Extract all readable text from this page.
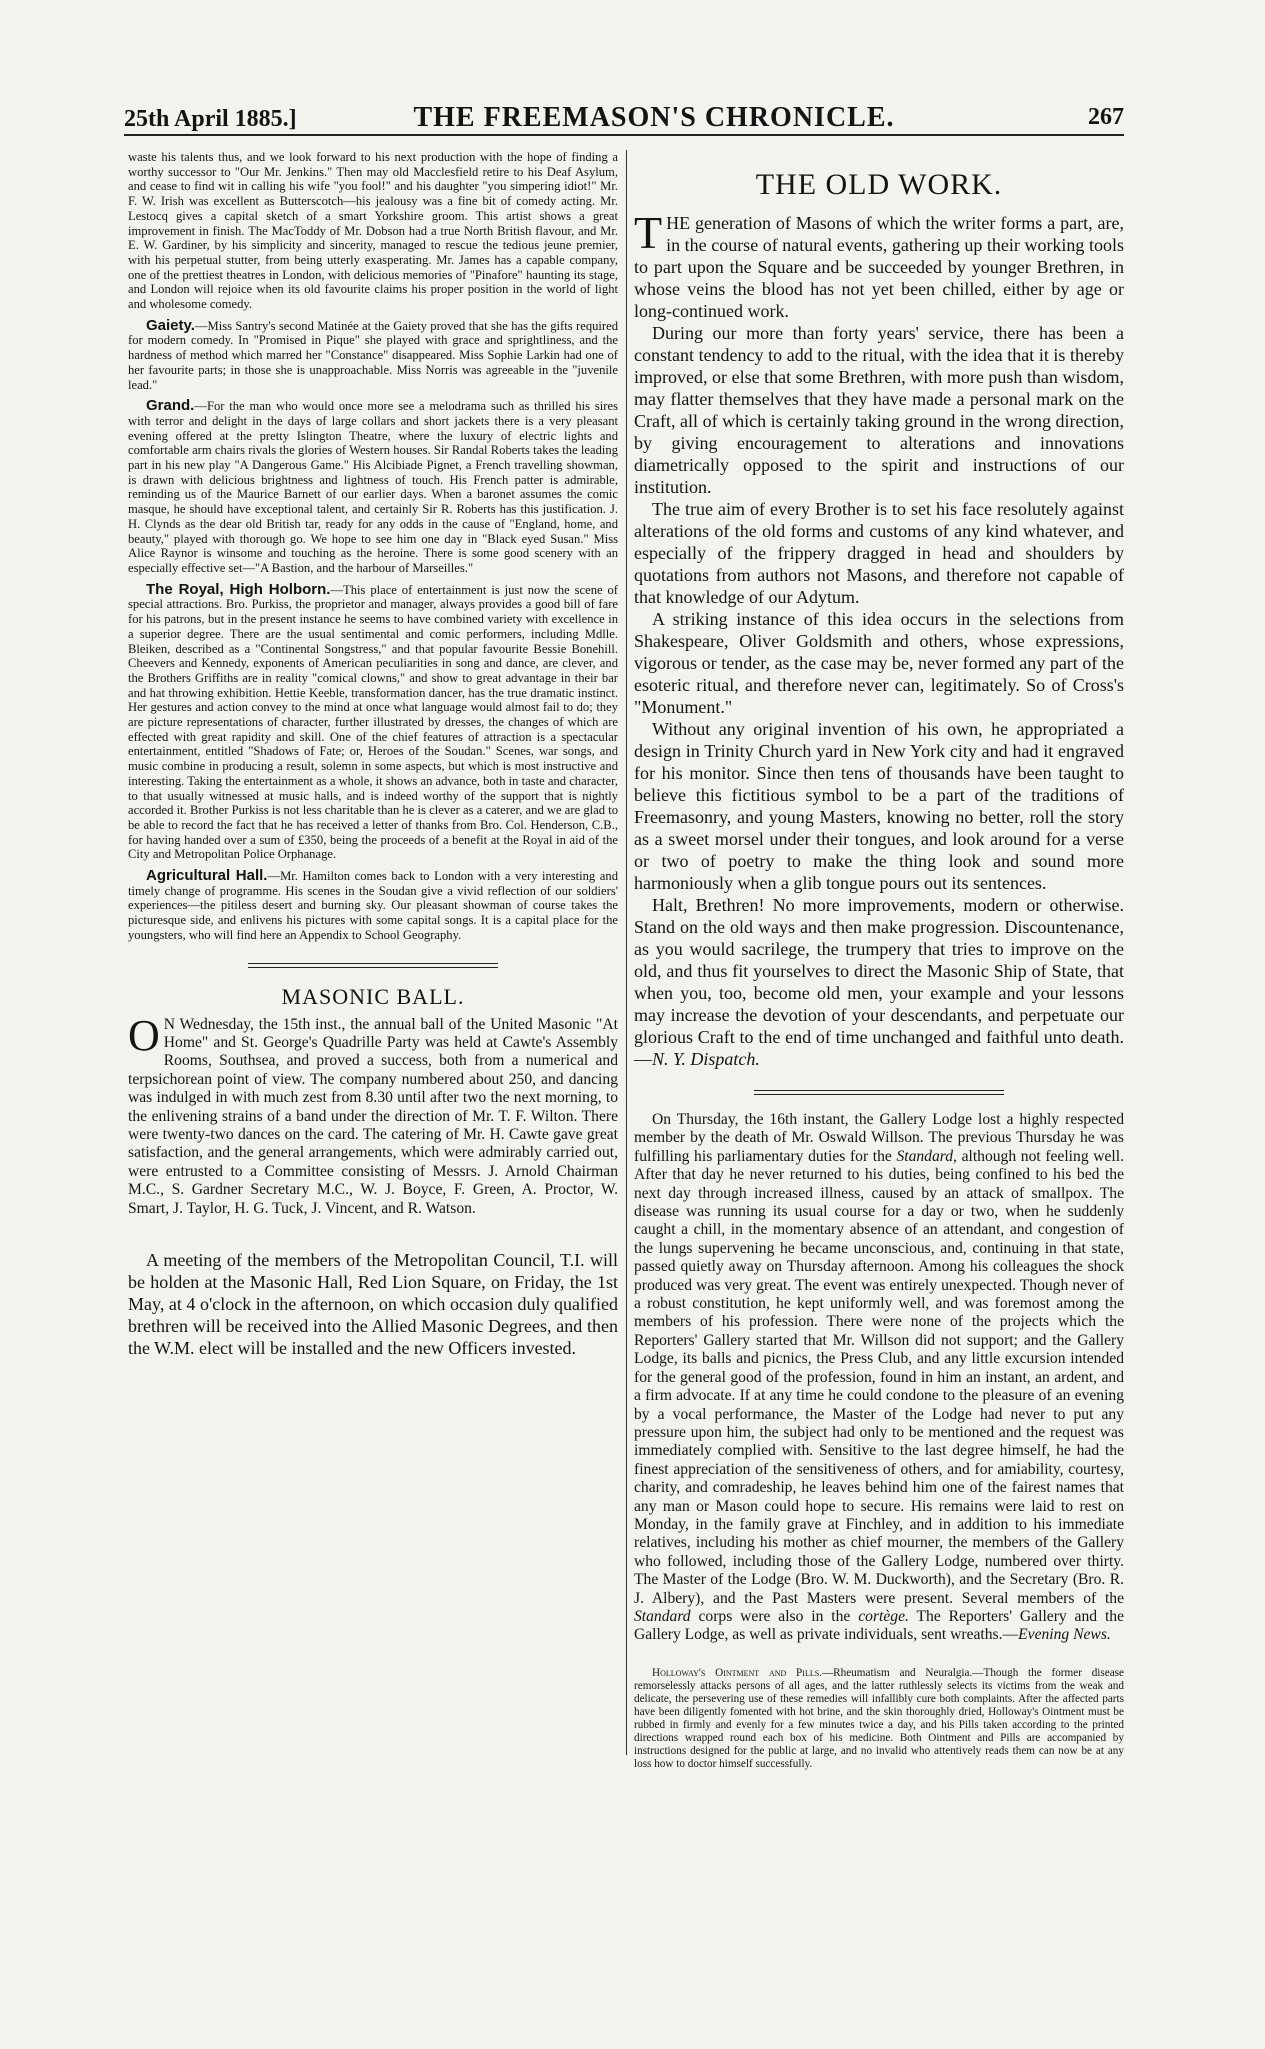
25th April 1885.]	THE FREEMASON'S CHRONICLE.	267

waste his talents thus, and we look forward to his next production with the hope of finding a worthy successor to "Our Mr. Jenkins." Then may old Macclesfield retire to his Deaf Asylum, and cease to find wit in calling his wife "you fool!" and his daughter "you simpering idiot!" Mr. F. W. Irish was excellent as Butterscotch—his jealousy was a fine bit of comedy acting. Mr. Lestocq gives a capital sketch of a smart Yorkshire groom. This artist shows a great improvement in finish. The MacToddy of Mr. Dobson had a true North British flavour, and Mr. E. W. Gardiner, by his simplicity and sincerity, managed to rescue the tedious jeune premier, with his perpetual stutter, from being utterly exasperating. Mr. James has a capable company, one of the prettiest theatres in London, with delicious memories of "Pinafore" haunting its stage, and London will rejoice when its old favourite claims his proper position in the world of light and wholesome comedy.

Gaiety.—Miss Santry's second Matinée at the Gaiety proved that she has the gifts required for modern comedy. In "Promised in Pique" she played with grace and sprightliness, and the hardness of method which marred her "Constance" disappeared. Miss Sophie Larkin had one of her favourite parts; in those she is unapproachable. Miss Norris was agreeable in the "juvenile lead."

Grand.—For the man who would once more see a melodrama such as thrilled his sires with terror and delight in the days of large collars and short jackets there is a very pleasant evening offered at the pretty Islington Theatre, where the luxury of electric lights and comfortable arm chairs rivals the glories of Western houses. Sir Randal Roberts takes the leading part in his new play "A Dangerous Game." His Alcibiade Pignet, a French travelling showman, is drawn with delicious brightness and lightness of touch. His French patter is admirable, reminding us of the Maurice Barnett of our earlier days. When a baronet assumes the comic masque, he should have exceptional talent, and certainly Sir R. Roberts has this justification. J. H. Clynds as the dear old British tar, ready for any odds in the cause of "England, home, and beauty," played with thorough go. We hope to see him one day in "Black eyed Susan." Miss Alice Raynor is winsome and touching as the heroine. There is some good scenery with an especially effective set—"A Bastion, and the harbour of Marseilles."

The Royal, High Holborn.—This place of entertainment is just now the scene of special attractions. Bro. Purkiss, the proprietor and manager, always provides a good bill of fare for his patrons, but in the present instance he seems to have combined variety with excellence in a superior degree. There are the usual sentimental and comic performers, including Mdlle. Bleiken, described as a "Continental Songstress," and that popular favourite Bessie Bonehill. Cheevers and Kennedy, exponents of American peculiarities in song and dance, are clever, and the Brothers Griffiths are in reality "comical clowns," and show to great advantage in their bar and hat throwing exhibition. Hettie Keeble, transformation dancer, has the true dramatic instinct. Her gestures and action convey to the mind at once what language would almost fail to do; they are picture representations of character, further illustrated by dresses, the changes of which are effected with great rapidity and skill. One of the chief features of attraction is a spectacular entertainment, entitled "Shadows of Fate; or, Heroes of the Soudan." Scenes, war songs, and music combine in producing a result, solemn in some aspects, but which is most instructive and interesting. Taking the entertainment as a whole, it shows an advance, both in taste and character, to that usually witnessed at music halls, and is indeed worthy of the support that is nightly accorded it. Brother Purkiss is not less charitable than he is clever as a caterer, and we are glad to be able to record the fact that he has received a letter of thanks from Bro. Col. Henderson, C.B., for having handed over a sum of £350, being the proceeds of a benefit at the Royal in aid of the City and Metropolitan Police Orphanage.

Agricultural Hall.—Mr. Hamilton comes back to London with a very interesting and timely change of programme. His scenes in the Soudan give a vivid reflection of our soldiers' experiences—the pitiless desert and burning sky. Our pleasant showman of course takes the picturesque side, and enlivens his pictures with some capital songs. It is a capital place for the youngsters, who will find here an Appendix to School Geography.

MASONIC BALL.

O N Wednesday, the 15th inst., the annual ball of the United Masonic "At Home" and St. George's Quadrille Party was held at Cawte's Assembly Rooms, Southsea, and proved a success, both from a numerical and terpsichorean point of view. The company numbered about 250, and dancing was indulged in with much zest from 8.30 until after two the next morning, to the enlivening strains of a band under the direction of Mr. T. F. Wilton. There were twenty-two dances on the card. The catering of Mr. H. Cawte gave great satisfaction, and the general arrangements, which were admirably carried out, were entrusted to a Committee consisting of Messrs. J. Arnold Chairman M.C., S. Gardner Secretary M.C., W. J. Boyce, F. Green, A. Proctor, W. Smart, J. Taylor, H. G. Tuck, J. Vincent, and R. Watson.

A meeting of the members of the Metropolitan Council, T.I. will be holden at the Masonic Hall, Red Lion Square, on Friday, the 1st May, at 4 o'clock in the afternoon, on which occasion duly qualified brethren will be received into the Allied Masonic Degrees, and then the W.M. elect will be installed and the new Officers invested.

THE OLD WORK.

THE generation of Masons of which the writer forms a part, are, in the course of natural events, gathering up their working tools to part upon the Square and be succeeded by younger Brethren, in whose veins the blood has not yet been chilled, either by age or long-continued work.

During our more than forty years' service, there has been a constant tendency to add to the ritual, with the idea that it is thereby improved, or else that some Brethren, with more push than wisdom, may flatter themselves that they have made a personal mark on the Craft, all of which is certainly taking ground in the wrong direction, by giving encouragement to alterations and innovations diametrically opposed to the spirit and instructions of our institution.

The true aim of every Brother is to set his face resolutely against alterations of the old forms and customs of any kind whatever, and especially of the frippery dragged in head and shoulders by quotations from authors not Masons, and therefore not capable of that knowledge of our Adytum.

A striking instance of this idea occurs in the selections from Shakespeare, Oliver Goldsmith and others, whose expressions, vigorous or tender, as the case may be, never formed any part of the esoteric ritual, and therefore never can, legitimately. So of Cross's "Monument."

Without any original invention of his own, he appropriated a design in Trinity Church yard in New York city and had it engraved for his monitor. Since then tens of thousands have been taught to believe this fictitious symbol to be a part of the traditions of Freemasonry, and young Masters, knowing no better, roll the story as a sweet morsel under their tongues, and look around for a verse or two of poetry to make the thing look and sound more harmoniously when a glib tongue pours out its sentences.

Halt, Brethren! No more improvements, modern or otherwise. Stand on the old ways and then make progression. Discountenance, as you would sacrilege, the trumpery that tries to improve on the old, and thus fit yourselves to direct the Masonic Ship of State, that when you, too, become old men, your example and your lessons may increase the devotion of your descendants, and perpetuate our glorious Craft to the end of time unchanged and faithful unto death.—N. Y. Dispatch.

On Thursday, the 16th instant, the Gallery Lodge lost a highly respected member by the death of Mr. Oswald Willson. The previous Thursday he was fulfilling his parliamentary duties for the Standard, although not feeling well. After that day he never returned to his duties, being confined to his bed the next day through increased illness, caused by an attack of smallpox. The disease was running its usual course for a day or two, when he suddenly caught a chill, in the momentary absence of an attendant, and congestion of the lungs supervening he became unconscious, and, continuing in that state, passed quietly away on Thursday afternoon. Among his colleagues the shock produced was very great. The event was entirely unexpected. Though never of a robust constitution, he kept uniformly well, and was foremost among the members of his profession. There were none of the projects which the Reporters' Gallery started that Mr. Willson did not support; and the Gallery Lodge, its balls and picnics, the Press Club, and any little excursion intended for the general good of the profession, found in him an instant, an ardent, and a firm advocate. If at any time he could condone to the pleasure of an evening by a vocal performance, the Master of the Lodge had never to put any pressure upon him, the subject had only to be mentioned and the request was immediately complied with. Sensitive to the last degree himself, he had the finest appreciation of the sensitiveness of others, and for amiability, courtesy, charity, and comradeship, he leaves behind him one of the fairest names that any man or Mason could hope to secure. His remains were laid to rest on Monday, in the family grave at Finchley, and in addition to his immediate relatives, including his mother as chief mourner, the members of the Gallery who followed, including those of the Gallery Lodge, numbered over thirty. The Master of the Lodge (Bro. W. M. Duckworth), and the Secretary (Bro. R. J. Albery), and the Past Masters were present. Several members of the Standard corps were also in the cortège. The Reporters' Gallery and the Gallery Lodge, as well as private individuals, sent wreaths.—Evening News.

Holloway's Ointment and Pills.—Rheumatism and Neuralgia.—Though the former disease remorselessly attacks persons of all ages, and the latter ruthlessly selects its victims from the weak and delicate, the persevering use of these remedies will infallibly cure both complaints. After the affected parts have been diligently fomented with hot brine, and the skin thoroughly dried, Holloway's Ointment must be rubbed in firmly and evenly for a few minutes twice a day, and his Pills taken according to the printed directions wrapped round each box of his medicine. Both Ointment and Pills are accompanied by instructions designed for the public at large, and no invalid who attentively reads them can now be at any loss how to doctor himself successfully.
